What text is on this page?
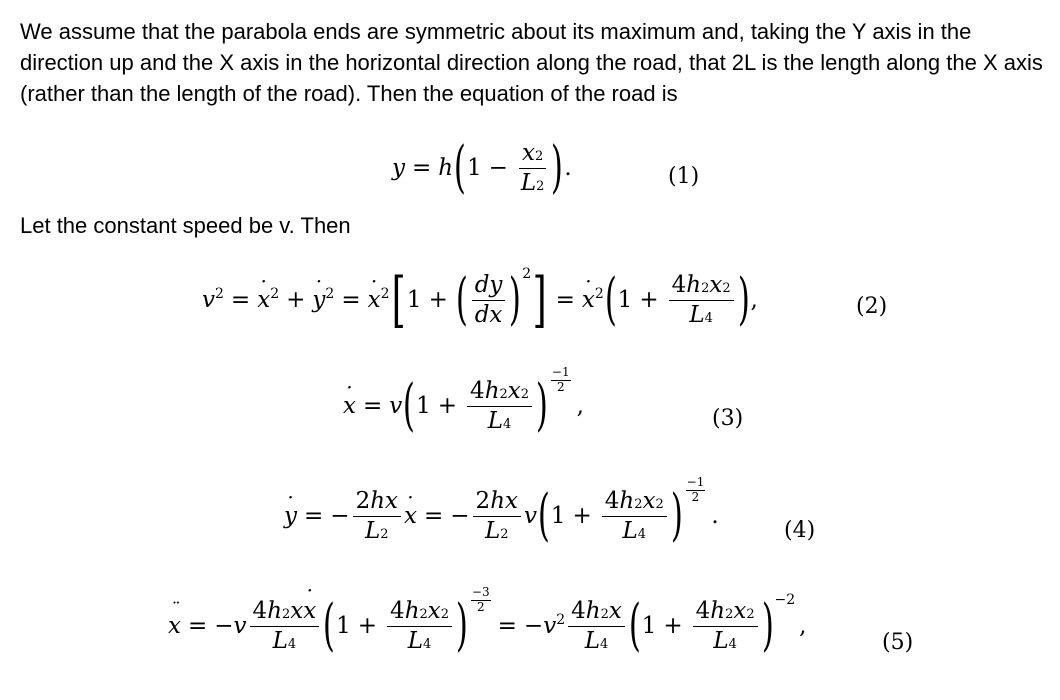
We assume that the parabola ends are symmetric about its maximum and, taking the Y axis in the direction up and the X axis in the horizontal direction along the road, that 2L is the length along the X axis (rather than the length of the road). Then the equation of the road is
y = h ( $1 - \frac{x2}{L2}$ ) .	(1)
Let the constant speed be v. Then
v 2 = x · 2 + y · 2 = x · 2 [ 1 + ( $\frac{dy}{dx}$ ) 2 ] = x · 2 ( $1 + \frac{4h2x2}{L4}$ ) ,	(2)
x · = v ( $1 + \frac{4h2x2}{L4}$ )
−1
2
,	(3)
y · = − $\frac{2hx}{L2}$ x · = − $\frac{2hx}{L2}$ v ( $1 + \frac{4h2x2}{L4}$ )
−1
2
.
(4)
x ¨ = − v $\frac{4h2xx \cdot}{L4}$ ( $1 + \frac{4h2x2}{L4}$ ) $\frac{-3}{2}$
= − v $2 \frac{4h2x}{L4}$ ( $1 + \frac{4h2x2}{L4}$ ) −2
,
(5)
